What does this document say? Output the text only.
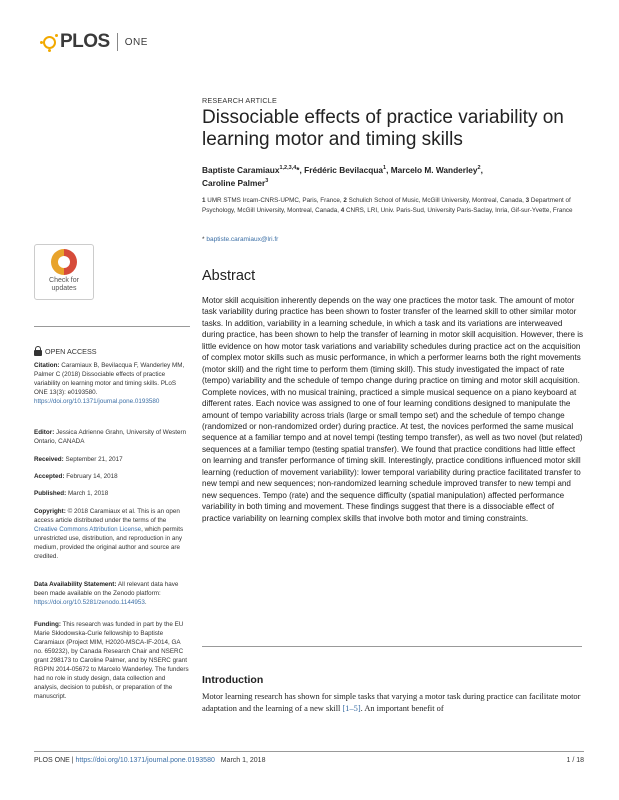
PLOS ONE
RESEARCH ARTICLE
Dissociable effects of practice variability on learning motor and timing skills
Baptiste Caramiaux$^{1,2,3,4}$*, Frédéric Bevilacqua$^1$, Marcelo M. Wanderley$^2$,
Caroline Palmer$^3$
1 UMR STMS Ircam-CNRS-UPMC, Paris, France, 2 Schulich School of Music, McGill University, Montreal, Canada, 3 Department of Psychology, McGill University, Montreal, Canada, 4 CNRS, LRI, Univ. Paris-Sud, University Paris-Saclay, Inria, Gif-sur-Yvette, France
* baptiste.caramiaux@lri.fr
Check for
updates
Abstract

Motor skill acquisition inherently depends on the way one practices the motor task. The amount of motor task variability during practice has been shown to foster transfer of the learned skill to other similar motor tasks. In addition, variability in a learning schedule, in which a task and its variations are interweaved during practice, has been shown to help the transfer of learning in motor skill acquisition. However, there is little evidence on how motor task variations and variability schedules during practice act on the acquisition of complex motor skills such as music performance, in which a performer learns both the right movements (motor skill) and the right time to perform them (timing skill). This study investigated the impact of rate (tempo) variability and the schedule of tempo change during practice on timing and motor skill acquisition. Complete novices, with no musical training, practiced a simple musical sequence on a piano keyboard at different rates. Each novice was assigned to one of four learning conditions designed to manipulate the amount of tempo variability across trials (large or small tempo set) and the schedule of tempo change (randomized or non-randomized order) during practice. At test, the novices performed the same musical sequence at a familiar tempo and at novel tempi (testing tempo transfer), as well as two novel (but related) sequences at a familiar tempo (testing spatial transfer). We found that practice conditions had little effect on learning and transfer performance of timing skill. Interestingly, practice conditions influenced motor skill learning (reduction of movement variability): lower temporal variability during practice facilitated transfer to new tempi and new sequences; non-randomized learning schedule improved transfer to new tempi and new sequences. Tempo (rate) and the sequence difficulty (spatial manipulation) affected performance variability in both timing and movement. These findings suggest that there is a dissociable effect of practice variability on learning complex skills that involve both motor and timing constraints.

Introduction

Motor learning research has shown for simple tasks that varying a motor task during practice can facilitate motor adaptation and the learning of a new skill [1–5]. An important benefit of

OPEN ACCESS
Citation: Caramiaux B, Bevilacqua F, Wanderley MM, Palmer C (2018) Dissociable effects of practice variability on learning motor and timing skills. PLoS ONE 13(3): e0193580. https://doi.org/10.1371/journal.pone.0193580
Editor: Jessica Adrienne Grahn, University of Western Ontario, CANADA
Received: September 21, 2017
Accepted: February 14, 2018
Published: March 1, 2018
Copyright: © 2018 Caramiaux et al. This is an open access article distributed under the terms of the Creative Commons Attribution License, which permits unrestricted use, distribution, and reproduction in any medium, provided the original author and source are credited.
Data Availability Statement: All relevant data have been made available on the Zenodo platform: https://doi.org/10.5281/zenodo.1144953.
Funding: This research was funded in part by the EU Marie Skłodowska-Curie fellowship to Baptiste Caramiaux (Project MIM, H2020-MSCA-IF-2014, GA no. 659232), by Canada Research Chair and NSERC grant 298173 to Caroline Palmer, and by NSERC grant RGPIN 2014-05672 to Marcelo Wanderley. The funders had no role in study design, data collection and analysis, decision to publish, or preparation of the manuscript.
PLOS ONE | https://doi.org/10.1371/journal.pone.0193580 March 1, 2018	1 / 18
